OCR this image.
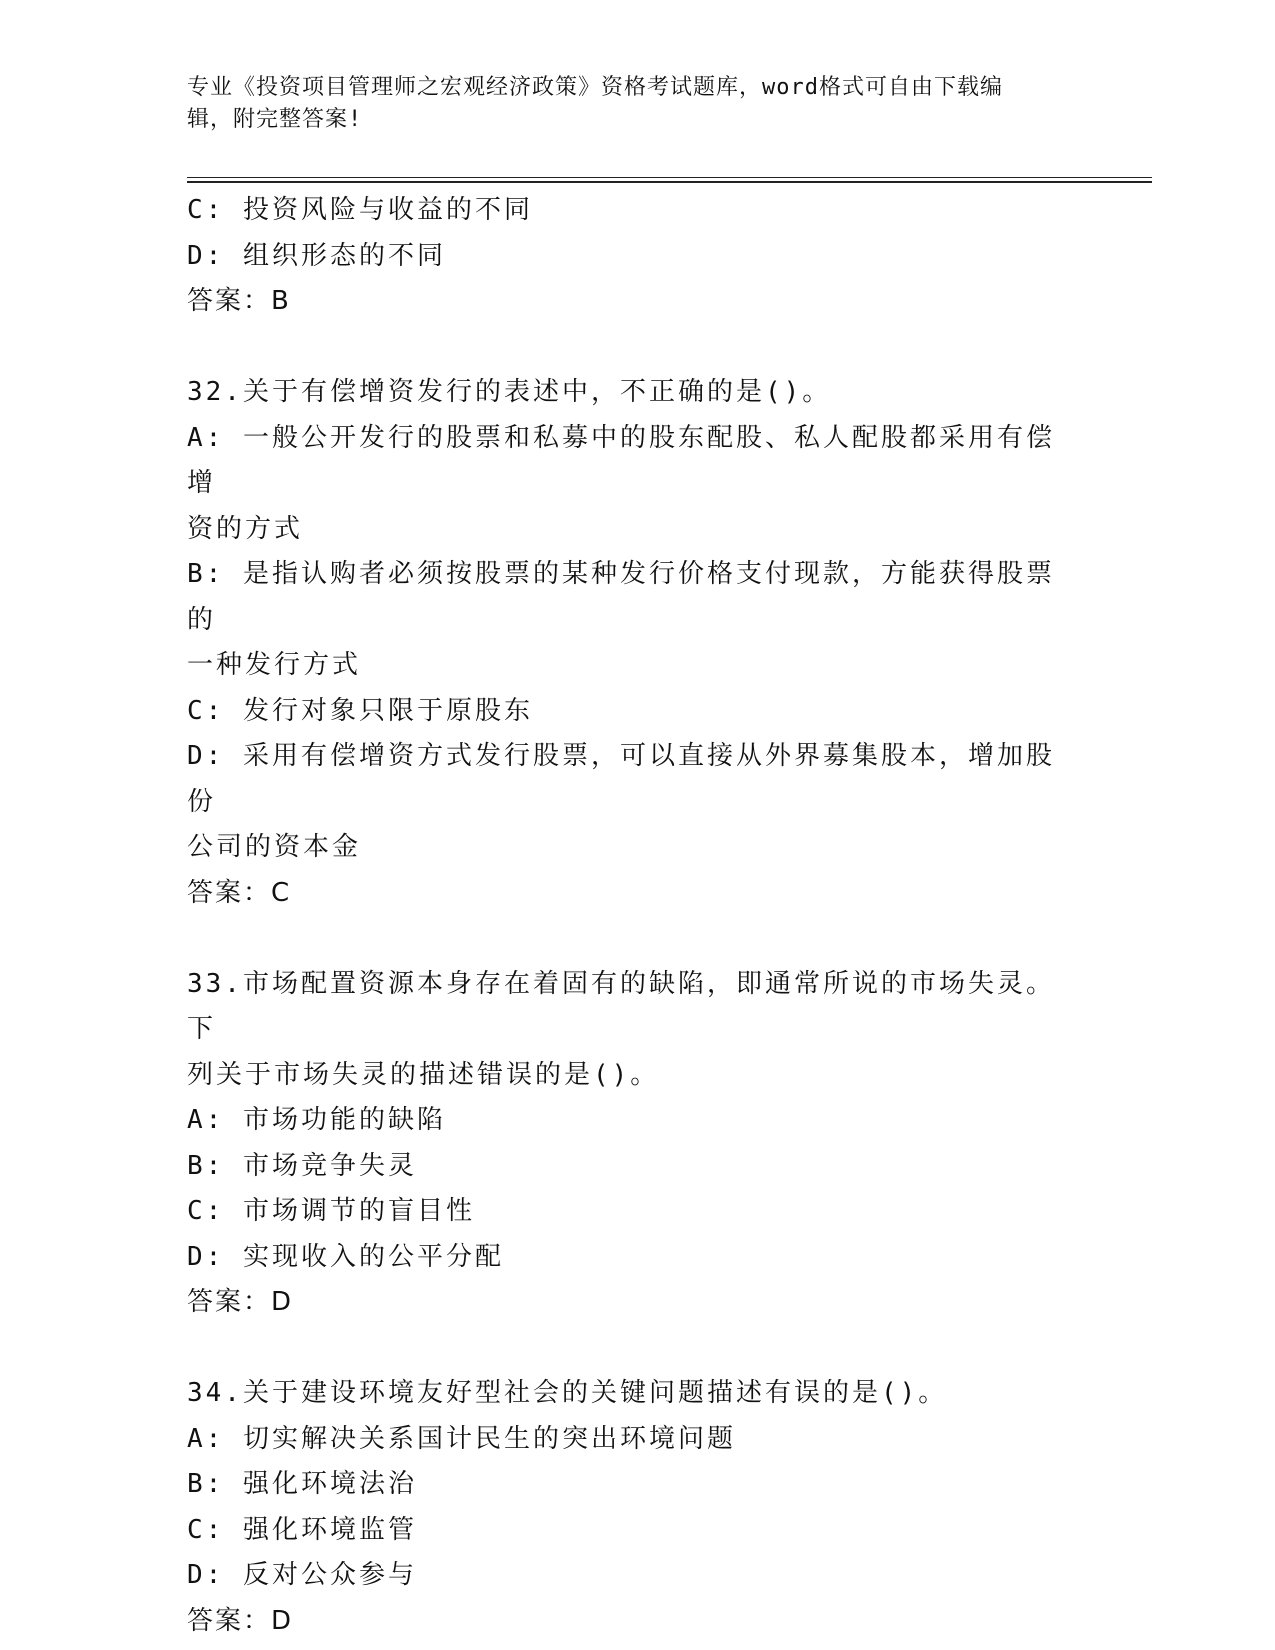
专业《投资项目管理师之宏观经济政策》资格考试题库，word格式可自由下载编
辑，附完整答案!

C: 投资风险与收益的不同

D: 组织形态的不同

答案：B

32.关于有偿增资发行的表述中，不正确的是()。

A: 一般公开发行的股票和私募中的股东配股、私人配股都采用有偿增

资的方式

B: 是指认购者必须按股票的某种发行价格支付现款，方能获得股票的

一种发行方式

C: 发行对象只限于原股东

D: 采用有偿增资方式发行股票，可以直接从外界募集股本，增加股份

公司的资本金

答案：C

33.市场配置资源本身存在着固有的缺陷，即通常所说的市场失灵。下

列关于市场失灵的描述错误的是()。

A: 市场功能的缺陷

B: 市场竞争失灵

C: 市场调节的盲目性

D: 实现收入的公平分配

答案：D

34.关于建设环境友好型社会的关键问题描述有误的是()。

A: 切实解决关系国计民生的突出环境问题

B: 强化环境法治

C: 强化环境监管

D: 反对公众参与

答案：D
